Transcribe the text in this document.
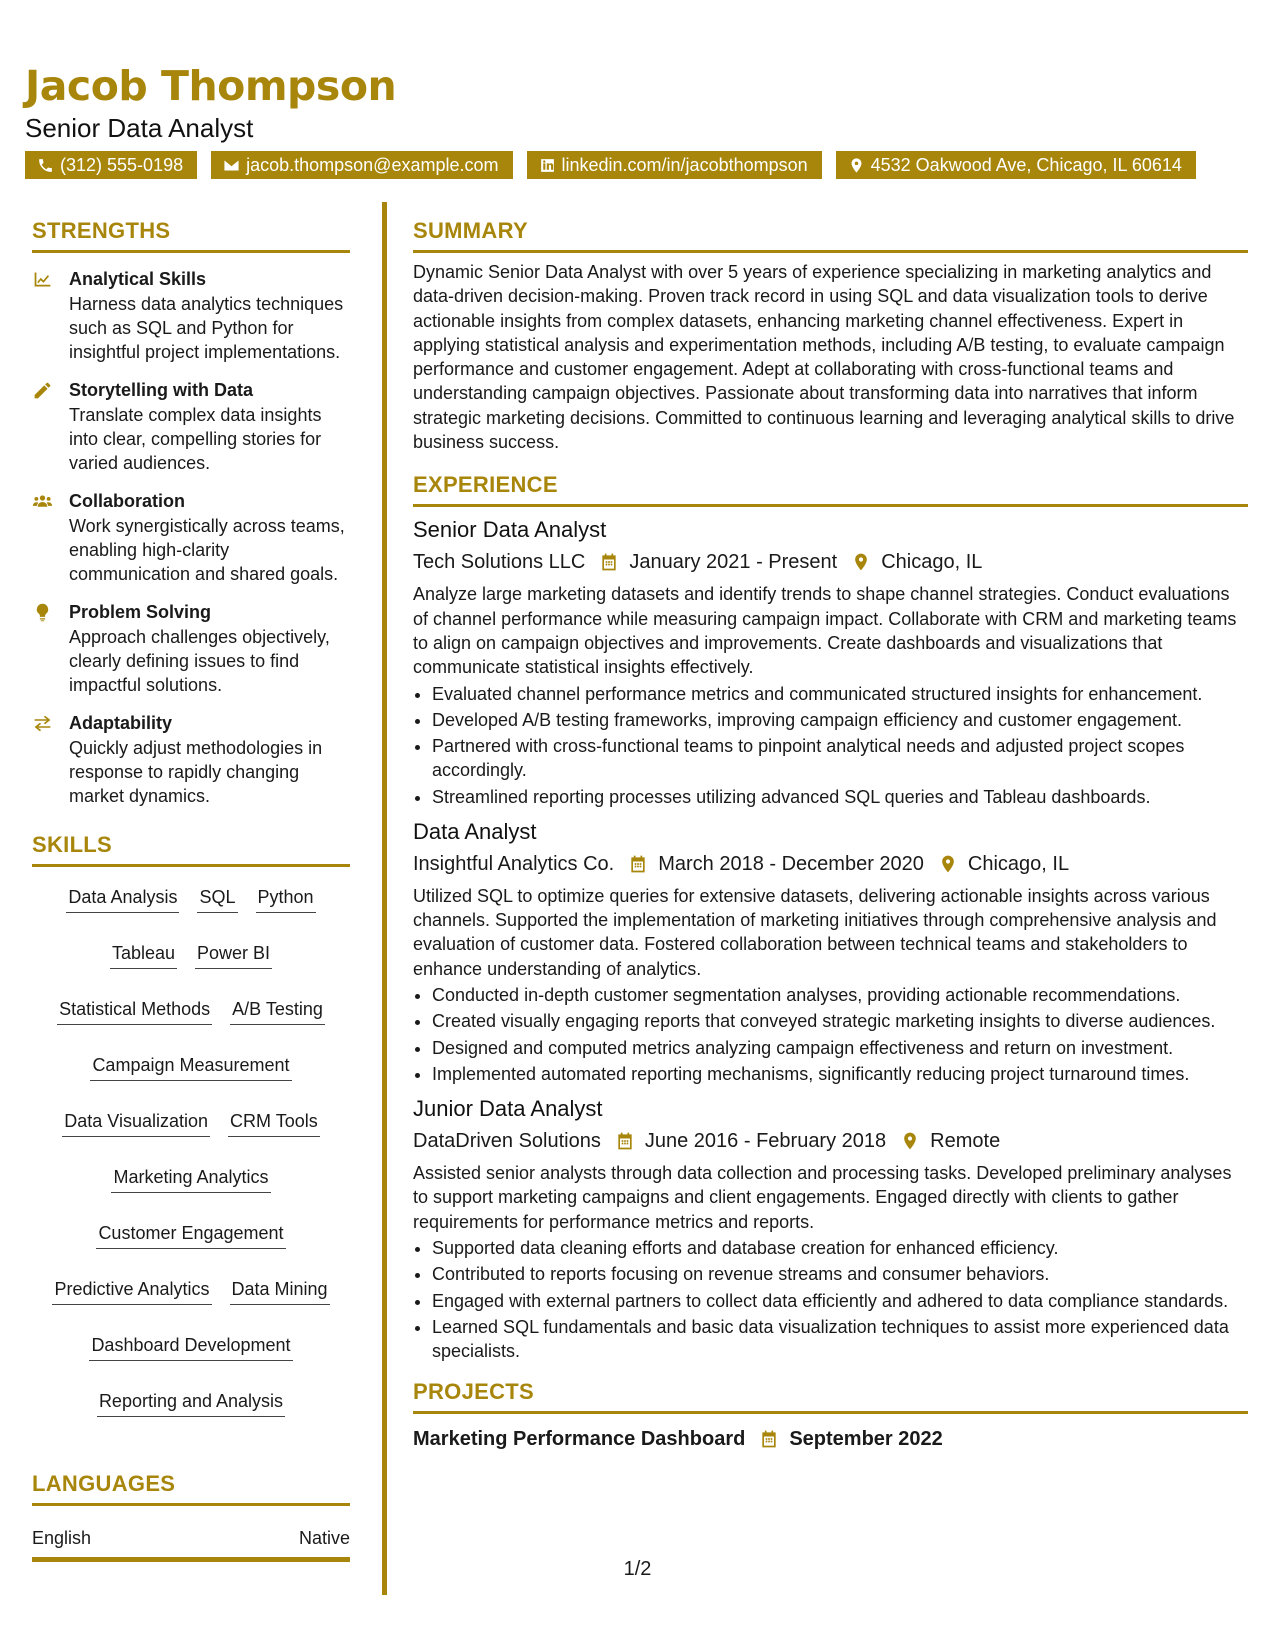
Jacob Thompson
Senior Data Analyst
(312) 555-0198	jacob.thompson@example.com	linkedin.com/in/jacobthompson	4532 Oakwood Ave, Chicago, IL 60614
STRENGTHS
Analytical Skills
Harness data analytics techniques such as SQL and Python for insightful project implementations.
Storytelling with Data
Translate complex data insights into clear, compelling stories for varied audiences.
Collaboration
Work synergistically across teams, enabling high-clarity communication and shared goals.
Problem Solving
Approach challenges objectively, clearly defining issues to find impactful solutions.
Adaptability
Quickly adjust methodologies in response to rapidly changing market dynamics.
SKILLS
Data Analysis SQL Python
Tableau Power BI
Statistical Methods A/B Testing
Campaign Measurement
Data Visualization CRM Tools
Marketing Analytics
Customer Engagement
Predictive Analytics Data Mining
Dashboard Development
Reporting and Analysis
LANGUAGES
English	Native
SUMMARY
Dynamic Senior Data Analyst with over 5 years of experience specializing in marketing analytics and data-driven decision-making. Proven track record in using SQL and data visualization tools to derive actionable insights from complex datasets, enhancing marketing channel effectiveness. Expert in applying statistical analysis and experimentation methods, including A/B testing, to evaluate campaign performance and customer engagement. Adept at collaborating with cross-functional teams and understanding campaign objectives. Passionate about transforming data into narratives that inform strategic marketing decisions. Committed to continuous learning and leveraging analytical skills to drive business success.
EXPERIENCE
Senior Data Analyst
Tech Solutions LLC January 2021 - Present Chicago, IL
Analyze large marketing datasets and identify trends to shape channel strategies. Conduct evaluations of channel performance while measuring campaign impact. Collaborate with CRM and marketing teams to align on campaign objectives and improvements. Create dashboards and visualizations that communicate statistical insights effectively.
• Evaluated channel performance metrics and communicated structured insights for enhancement.
• Developed A/B testing frameworks, improving campaign efficiency and customer engagement.
• Partnered with cross-functional teams to pinpoint analytical needs and adjusted project scopes accordingly.
• Streamlined reporting processes utilizing advanced SQL queries and Tableau dashboards.
Data Analyst
Insightful Analytics Co. March 2018 - December 2020 Chicago, IL
Utilized SQL to optimize queries for extensive datasets, delivering actionable insights across various channels. Supported the implementation of marketing initiatives through comprehensive analysis and evaluation of customer data. Fostered collaboration between technical teams and stakeholders to enhance understanding of analytics.
• Conducted in-depth customer segmentation analyses, providing actionable recommendations.
• Created visually engaging reports that conveyed strategic marketing insights to diverse audiences.
• Designed and computed metrics analyzing campaign effectiveness and return on investment.
• Implemented automated reporting mechanisms, significantly reducing project turnaround times.
Junior Data Analyst
DataDriven Solutions June 2016 - February 2018 Remote
Assisted senior analysts through data collection and processing tasks. Developed preliminary analyses to support marketing campaigns and client engagements. Engaged directly with clients to gather requirements for performance metrics and reports.
• Supported data cleaning efforts and database creation for enhanced efficiency.
• Contributed to reports focusing on revenue streams and consumer behaviors.
• Engaged with external partners to collect data efficiently and adhered to data compliance standards.
• Learned SQL fundamentals and basic data visualization techniques to assist more experienced data specialists.
PROJECTS
Marketing Performance Dashboard September 2022
1/2
